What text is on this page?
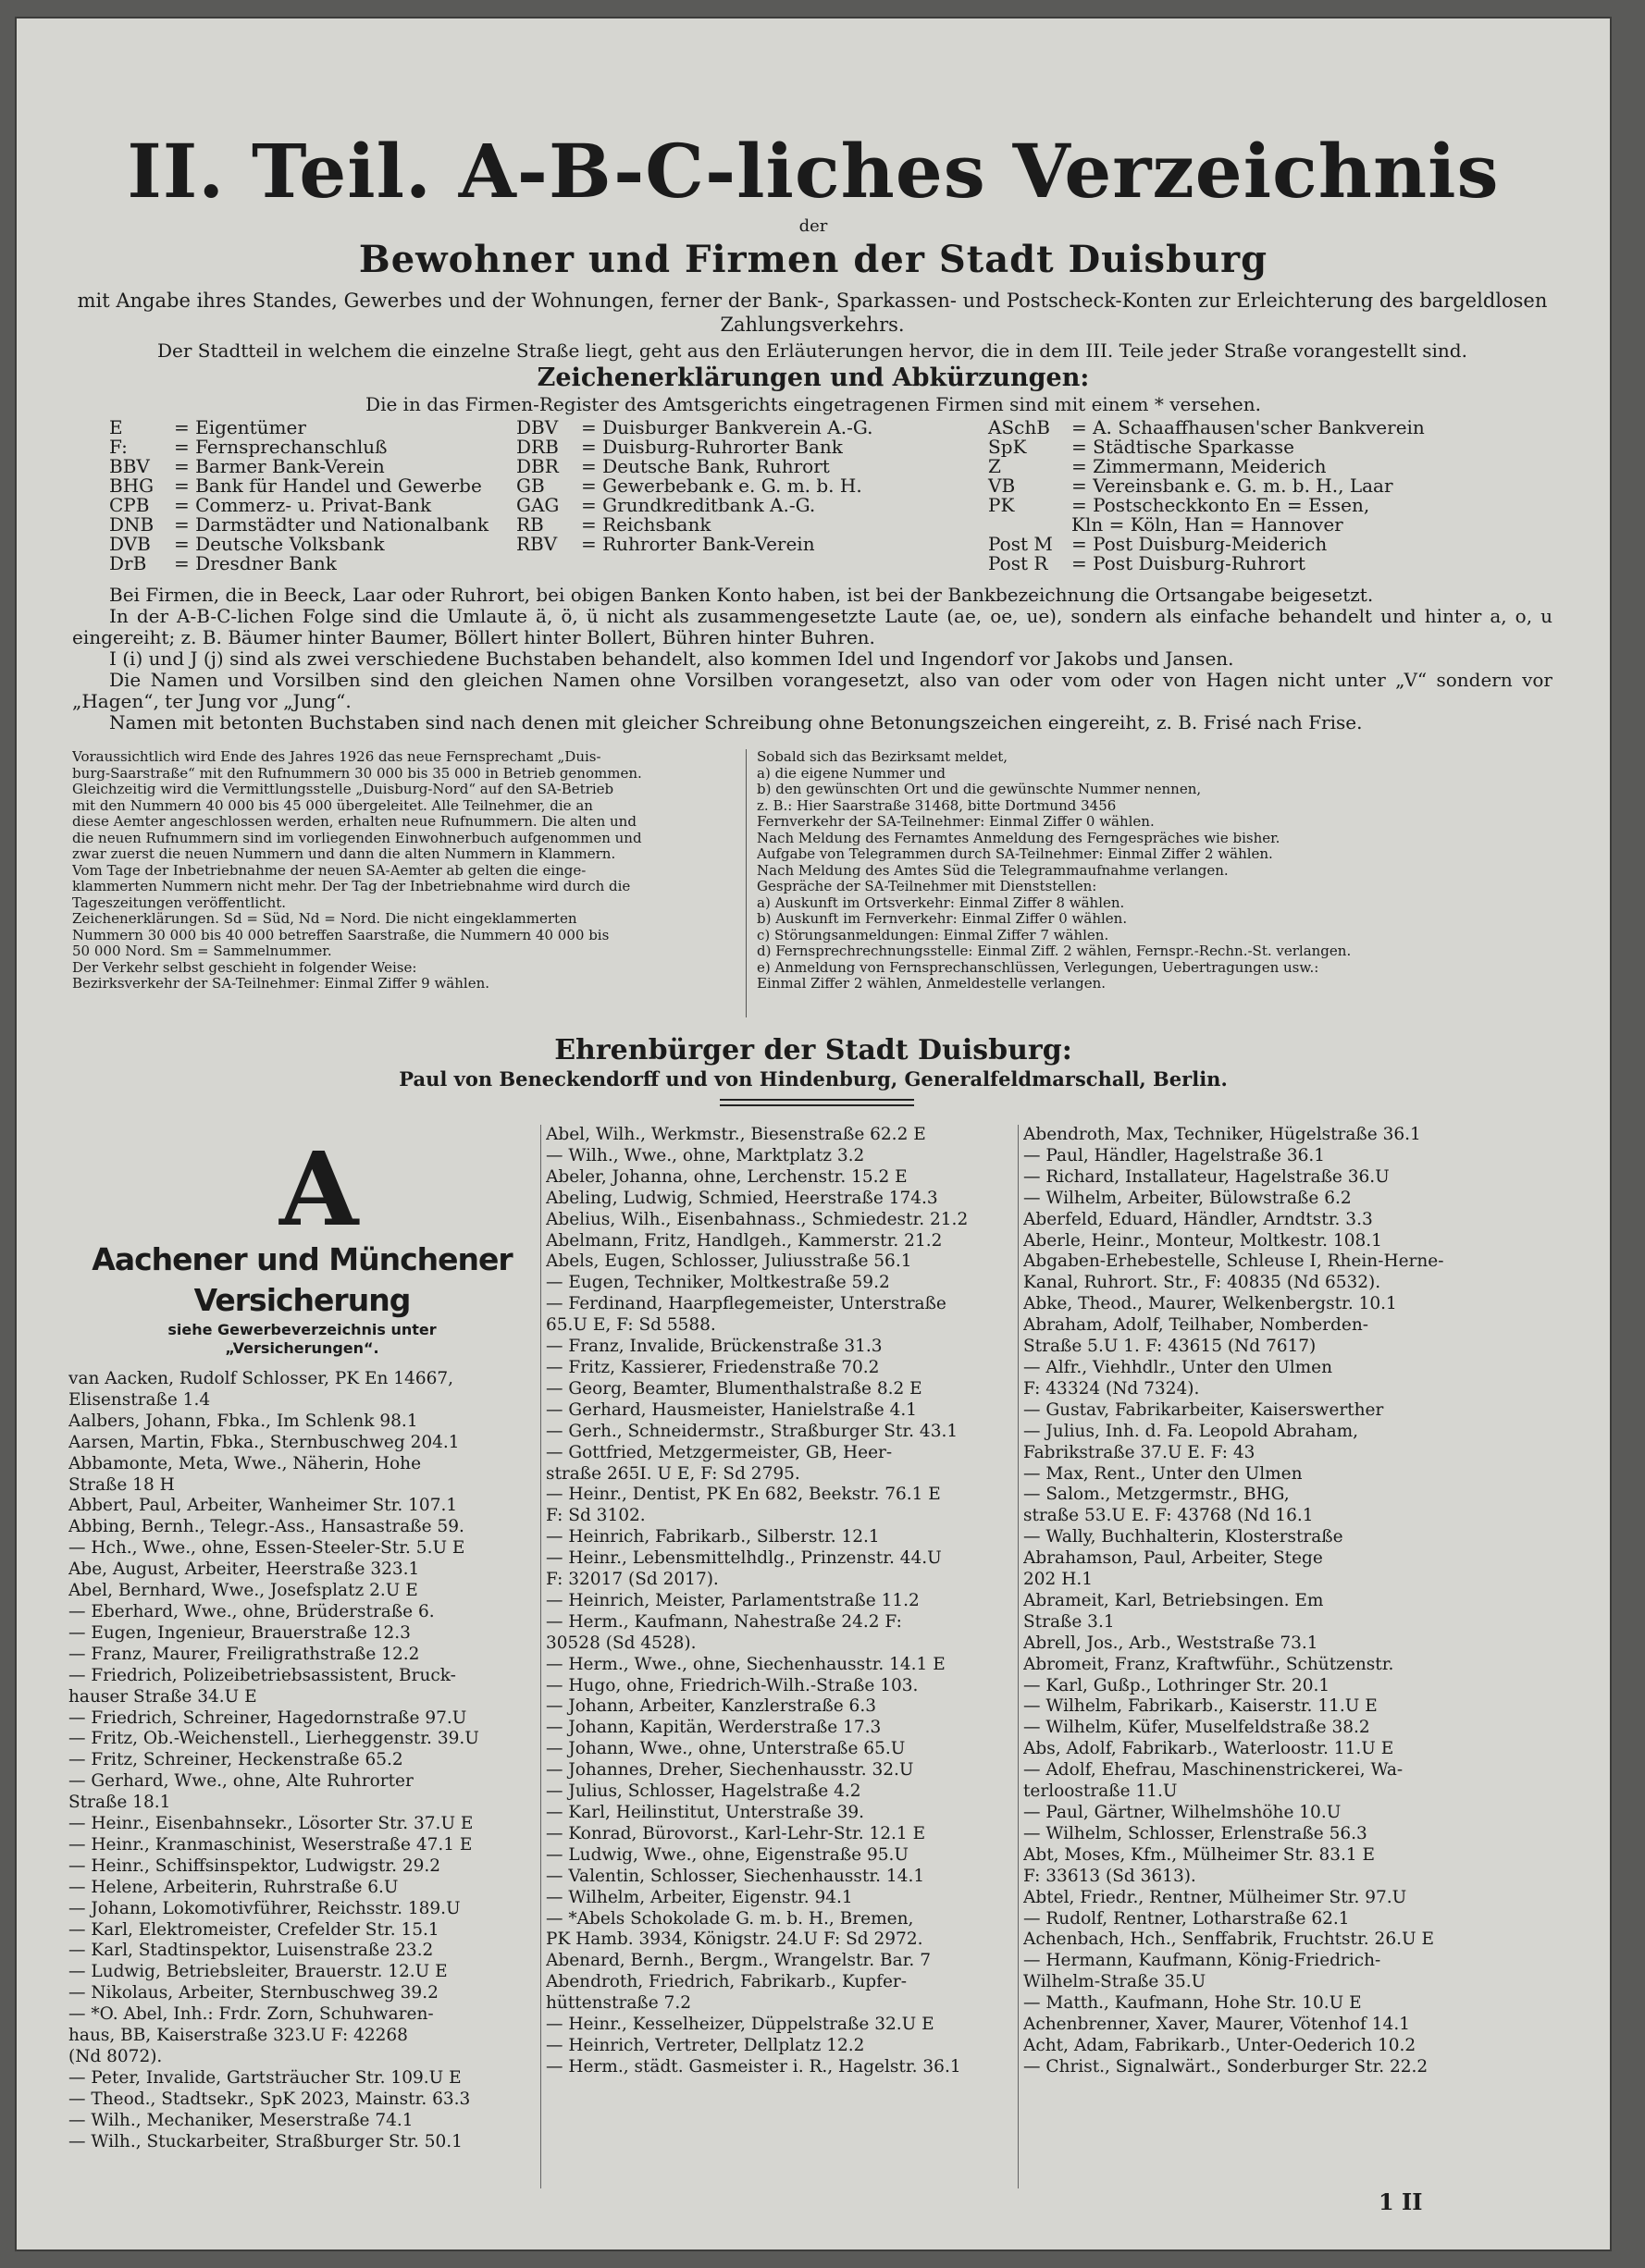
II. Teil. A-B-C-liches Verzeichnis
der
Bewohner und Firmen der Stadt Duisburg
mit Angabe ihres Standes, Gewerbes und der Wohnungen, ferner der Bank-, Sparkassen- und Postscheck-Konten zur Erleichterung des bargeldlosen Zahlungsverkehrs.
Der Stadtteil in welchem die einzelne Straße liegt, geht aus den Erläuterungen hervor, die in dem III. Teile jeder Straße vorangestellt sind.
Zeichenerklärungen und Abkürzungen:
Die in das Firmen-Register des Amtsgerichts eingetragenen Firmen sind mit einem * versehen.
E	= Eigentümer
F:	= Fernsprechanschluß
BBV = Barmer Bank-Verein
BHG = Bank für Handel und Gewerbe
CPB = Commerz- u. Privat-Bank
DNB = Darmstädter und Nationalbank
DVB = Deutsche Volksbank
DrB = Dresdner Bank
DBV = Duisburger Bankverein A.-G.
DRB = Duisburg-Ruhrorter Bank
DBR = Deutsche Bank, Ruhrort
GB = Gewerbebank e. G. m. b. H.
GAG = Grundkreditbank A.-G.
RB = Reichsbank
RBV = Ruhrorter Bank-Verein
ASchB = A. Schaaffhausen'scher Bankverein
SpK = Städtische Sparkasse
Z	= Zimmermann, Meiderich
VB	= Vereinsbank e. G. m. b. H., Laar
PK	= Postscheckkonto En = Essen,
Kln = Köln, Han = Hannover
Post M = Post Duisburg-Meiderich
Post R = Post Duisburg-Ruhrort

Bei Firmen, die in Beeck, Laar oder Ruhrort, bei obigen Banken Konto haben, ist bei der Bankbezeichnung die Ortsangabe beigesetzt.

In der A-B-C-lichen Folge sind die Umlaute ä, ö, ü nicht als zusammengesetzte Laute (ae, oe, ue), sondern als einfache behandelt und hinter a, o, u eingereiht; z. B. Bäumer hinter Baumer, Böllert hinter Bollert, Bühren hinter Buhren.

I (i) und J (j) sind als zwei verschiedene Buchstaben behandelt, also kommen Idel und Ingendorf vor Jakobs und Jansen.

Die Namen und Vorsilben sind den gleichen Namen ohne Vorsilben vorangesetzt, also van oder vom oder von Hagen nicht unter „V“ sondern vor „Hagen“, ter Jung vor „Jung“.

Namen mit betonten Buchstaben sind nach denen mit gleicher Schreibung ohne Betonungszeichen eingereiht, z. B. Frisé nach Frise.

Voraussichtlich wird Ende des Jahres 1926 das neue Fernsprechamt „Duis-
burg-Saarstraße“ mit den Rufnummern 30 000 bis 35 000 in Betrieb genommen.
Gleichzeitig wird die Vermittlungsstelle „Duisburg-Nord“ auf den SA-Betrieb
mit den Nummern 40 000 bis 45 000 übergeleitet. Alle Teilnehmer, die an
diese Aemter angeschlossen werden, erhalten neue Rufnummern. Die alten und
die neuen Rufnummern sind im vorliegenden Einwohnerbuch aufgenommen und
zwar zuerst die neuen Nummern und dann die alten Nummern in Klammern.
Vom Tage der Inbetriebnahme der neuen SA-Aemter ab gelten die einge-
klammerten Nummern nicht mehr. Der Tag der Inbetriebnahme wird durch die
Tageszeitungen veröffentlicht.
Zeichenerklärungen. Sd = Süd, Nd = Nord. Die nicht eingeklammerten
Nummern 30 000 bis 40 000 betreffen Saarstraße, die Nummern 40 000 bis
50 000 Nord. Sm = Sammelnummer.
Der Verkehr selbst geschieht in folgender Weise:
Bezirksverkehr der SA-Teilnehmer: Einmal Ziffer 9 wählen.
Sobald sich das Bezirksamt meldet,
a) die eigene Nummer und
b) den gewünschten Ort und die gewünschte Nummer nennen,
z. B.: Hier Saarstraße 31468, bitte Dortmund 3456
Fernverkehr der SA-Teilnehmer: Einmal Ziffer 0 wählen.
Nach Meldung des Fernamtes Anmeldung des Ferngespräches wie bisher.
Aufgabe von Telegrammen durch SA-Teilnehmer: Einmal Ziffer 2 wählen.
Nach Meldung des Amtes Süd die Telegrammaufnahme verlangen.
Gespräche der SA-Teilnehmer mit Dienststellen:
a) Auskunft im Ortsverkehr: Einmal Ziffer 8 wählen.
b) Auskunft im Fernverkehr: Einmal Ziffer 0 wählen.
c) Störungsanmeldungen: Einmal Ziffer 7 wählen.
d) Fernsprechrechnungsstelle: Einmal Ziff. 2 wählen, Fernspr.-Rechn.-St. verlangen.
e) Anmeldung von Fernsprechanschlüssen, Verlegungen, Uebertragungen usw.:
Einmal Ziffer 2 wählen, Anmeldestelle verlangen.
Ehrenbürger der Stadt Duisburg:
Paul von Beneckendorff und von Hindenburg, Generalfeldmarschall, Berlin.
A
Aachener und Münchener Versicherung
siehe Gewerbeverzeichnis unter
„Versicherungen“.
van Aacken, Rudolf Schlosser, PK En 14667,
Elisenstraße 1.4
Aalbers, Johann, Fbka., Im Schlenk 98.1
Aarsen, Martin, Fbka., Sternbuschweg 204.1
Abbamonte, Meta, Wwe., Näherin, Hohe
Straße 18 H
Abbert, Paul, Arbeiter, Wanheimer Str. 107.1
Abbing, Bernh., Telegr.-Ass., Hansastraße 59.
— Hch., Wwe., ohne, Essen-Steeler-Str. 5.U E
Abe, August, Arbeiter, Heerstraße 323.1
Abel, Bernhard, Wwe., Josefsplatz 2.U E
— Eberhard, Wwe., ohne, Brüderstraße 6.
— Eugen, Ingenieur, Brauerstraße 12.3
— Franz, Maurer, Freiligrathstraße 12.2
— Friedrich, Polizeibetriebsassistent, Bruck-
hauser Straße 34.U E
— Friedrich, Schreiner, Hagedornstraße 97.U
— Fritz, Ob.-Weichenstell., Lierheggenstr. 39.U
— Fritz, Schreiner, Heckenstraße 65.2
— Gerhard, Wwe., ohne, Alte Ruhrorter
Straße 18.1
— Heinr., Eisenbahnsekr., Lösorter Str. 37.U E
— Heinr., Kranmaschinist, Weserstraße 47.1 E
— Heinr., Schiffsinspektor, Ludwigstr. 29.2
— Helene, Arbeiterin, Ruhrstraße 6.U
— Johann, Lokomotivführer, Reichsstr. 189.U
— Karl, Elektromeister, Crefelder Str. 15.1
— Karl, Stadtinspektor, Luisenstraße 23.2
— Ludwig, Betriebsleiter, Brauerstr. 12.U E
— Nikolaus, Arbeiter, Sternbuschweg 39.2
— *O. Abel, Inh.: Frdr. Zorn, Schuhwaren-
haus, BB, Kaiserstraße 323.U F: 42268
(Nd 8072).
— Peter, Invalide, Gartsträucher Str. 109.U E
— Theod., Stadtsekr., SpK 2023, Mainstr. 63.3
— Wilh., Mechaniker, Meserstraße 74.1
— Wilh., Stuckarbeiter, Straßburger Str. 50.1
Abel, Wilh., Werkmstr., Biesenstraße 62.2 E
— Wilh., Wwe., ohne, Marktplatz 3.2
Abeler, Johanna, ohne, Lerchenstr. 15.2 E
Abeling, Ludwig, Schmied, Heerstraße 174.3
Abelius, Wilh., Eisenbahnass., Schmiedestr. 21.2
Abelmann, Fritz, Handlgeh., Kammerstr. 21.2
Abels, Eugen, Schlosser, Juliusstraße 56.1
— Eugen, Techniker, Moltkestraße 59.2
— Ferdinand, Haarpflegemeister, Unterstraße
65.U E, F: Sd 5588.
— Franz, Invalide, Brückenstraße 31.3
— Fritz, Kassierer, Friedenstraße 70.2
— Georg, Beamter, Blumenthalstraße 8.2 E
— Gerhard, Hausmeister, Hanielstraße 4.1
— Gerh., Schneidermstr., Straßburger Str. 43.1
— Gottfried, Metzgermeister, GB, Heer-
straße 265I. U E, F: Sd 2795.
— Heinr., Dentist, PK En 682, Beekstr. 76.1 E
F: Sd 3102.
— Heinrich, Fabrikarb., Silberstr. 12.1
— Heinr., Lebensmittelhdlg., Prinzenstr. 44.U
F: 32017 (Sd 2017).
— Heinrich, Meister, Parlamentstraße 11.2
— Herm., Kaufmann, Nahestraße 24.2 F:
30528 (Sd 4528).
— Herm., Wwe., ohne, Siechenhausstr. 14.1 E
— Hugo, ohne, Friedrich-Wilh.-Straße 103.
— Johann, Arbeiter, Kanzlerstraße 6.3
— Johann, Kapitän, Werderstraße 17.3
— Johann, Wwe., ohne, Unterstraße 65.U
— Johannes, Dreher, Siechenhausstr. 32.U
— Julius, Schlosser, Hagelstraße 4.2
— Karl, Heilinstitut, Unterstraße 39.
— Konrad, Bürovorst., Karl-Lehr-Str. 12.1 E
— Ludwig, Wwe., ohne, Eigenstraße 95.U
— Valentin, Schlosser, Siechenhausstr. 14.1
— Wilhelm, Arbeiter, Eigenstr. 94.1
— *Abels Schokolade G. m. b. H., Bremen,
PK Hamb. 3934, Königstr. 24.U F: Sd 2972.
Abenard, Bernh., Bergm., Wrangelstr. Bar. 7
Abendroth, Friedrich, Fabrikarb., Kupfer-
hüttenstraße 7.2
— Heinr., Kesselheizer, Düppelstraße 32.U E
— Heinrich, Vertreter, Dellplatz 12.2
— Herm., städt. Gasmeister i. R., Hagelstr. 36.1
Abendroth, Max, Techniker, Hügelstraße 36.1
— Paul, Händler, Hagelstraße 36.1
— Richard, Installateur, Hagelstraße 36.U
— Wilhelm, Arbeiter, Bülowstraße 6.2
Aberfeld, Eduard, Händler, Arndtstr. 3.3
Aberle, Heinr., Monteur, Moltkestr. 108.1
Abgaben-Erhebestelle, Schleuse I, Rhein-Herne-
Kanal, Ruhrort. Str., F: 40835 (Nd 6532).
Abke, Theod., Maurer, Welkenbergstr. 10.1
Abraham, Adolf, Teilhaber, Nomberden-
Straße 5.U 1. F: 43615 (Nd 7617)
— Alfr., Viehhdlr., Unter den Ulmen
F: 43324 (Nd 7324).
— Gustav, Fabrikarbeiter, Kaiserswerther
— Julius, Inh. d. Fa. Leopold Abraham,
Fabrikstraße 37.U E. F: 43
— Max, Rent., Unter den Ulmen
— Salom., Metzgermstr., BHG,
straße 53.U E. F: 43768 (Nd 16.1
— Wally, Buchhalterin, Klosterstraße
Abrahamson, Paul, Arbeiter, Stege
202 H.1
Abrameit, Karl, Betriebsingen. Em
Straße 3.1
Abrell, Jos., Arb., Weststraße 73.1
Abromeit, Franz, Kraftwführ., Schützenstr.
— Karl, Gußp., Lothringer Str. 20.1
— Wilhelm, Fabrikarb., Kaiserstr. 11.U E
— Wilhelm, Küfer, Muselfeldstraße 38.2
Abs, Adolf, Fabrikarb., Waterloostr. 11.U E
— Adolf, Ehefrau, Maschinenstrickerei, Wa-
terloostraße 11.U
— Paul, Gärtner, Wilhelmshöhe 10.U
— Wilhelm, Schlosser, Erlenstraße 56.3
Abt, Moses, Kfm., Mülheimer Str. 83.1 E
F: 33613 (Sd 3613).
Abtel, Friedr., Rentner, Mülheimer Str. 97.U
— Rudolf, Rentner, Lotharstraße 62.1
Achenbach, Hch., Senffabrik, Fruchtstr. 26.U E
— Hermann, Kaufmann, König-Friedrich-
Wilhelm-Straße 35.U
— Matth., Kaufmann, Hohe Str. 10.U E
Achenbrenner, Xaver, Maurer, Vötenhof 14.1
Acht, Adam, Fabrikarb., Unter-Oederich 10.2
— Christ., Signalwärt., Sonderburger Str. 22.2
1 II
